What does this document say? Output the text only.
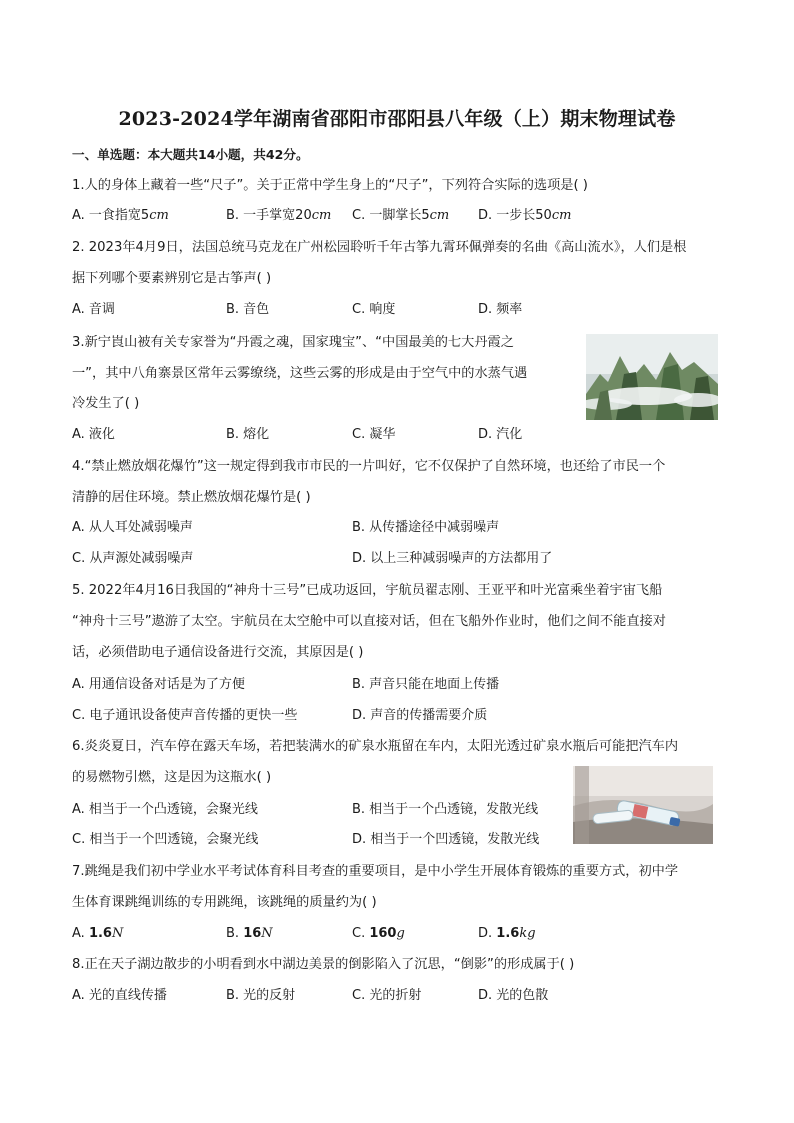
2023-2024学年湖南省邵阳市邵阳县八年级（上）期末物理试卷
一、单选题：本大题共14小题，共42分。
1.人的身体上藏着一些“尺子”。关于正常中学生身上的“尺子”，下列符合实际的选项是( )
A. 一食指宽5cm	B. 一手掌宽20cm C. 一脚掌长5cm D. 一步长50cm
2. 2023年4月9日，法国总统马克龙在广州松园聆听千年古筝九霄环佩弹奏的名曲《高山流水》，人们是根
据下列哪个要素辨别它是古筝声( )
A. 音调	B. 音色	C. 响度	D. 频率
3.新宁崀山被有关专家誉为“丹霞之魂，国家瑰宝”、“中国最美的七大丹霞之
一”，其中八角寨景区常年云雾缭绕，这些云雾的形成是由于空气中的水蒸气遇
冷发生了( )
A. 液化	B. 熔化	C. 凝华	D. 汽化
4.“禁止燃放烟花爆竹”这一规定得到我市市民的一片叫好，它不仅保护了自然环境，也还给了市民一个
清静的居住环境。禁止燃放烟花爆竹是( )
A. 从人耳处减弱噪声	B. 从传播途径中减弱噪声
C. 从声源处减弱噪声	D. 以上三种减弱噪声的方法都用了
5. 2022年4月16日我国的“神舟十三号”已成功返回，宇航员翟志刚、王亚平和叶光富乘坐着宇宙飞船
“神舟十三号”遨游了太空。宇航员在太空舱中可以直接对话，但在飞船外作业时，他们之间不能直接对
话，必须借助电子通信设备进行交流，其原因是( )
A. 用通信设备对话是为了方便	B. 声音只能在地面上传播
C. 电子通讯设备使声音传播的更快一些	D. 声音的传播需要介质
6.炎炎夏日，汽车停在露天车场，若把装满水的矿泉水瓶留在车内，太阳光透过矿泉水瓶后可能把汽车内
的易燃物引燃，这是因为这瓶水( )
A. 相当于一个凸透镜，会聚光线	B. 相当于一个凸透镜，发散光线
C. 相当于一个凹透镜，会聚光线	D. 相当于一个凹透镜，发散光线
7.跳绳是我们初中学业水平考试体育科目考查的重要项目，是中小学生开展体育锻炼的重要方式，初中学
生体育课跳绳训练的专用跳绳，该跳绳的质量约为( )
A. 1.6N	B. 16N	C. 160g	D. 1.6kg
8.正在天子湖边散步的小明看到水中湖边美景的倒影陷入了沉思，“倒影”的形成属于( )
A. 光的直线传播	B. 光的反射	C. 光的折射	D. 光的色散
